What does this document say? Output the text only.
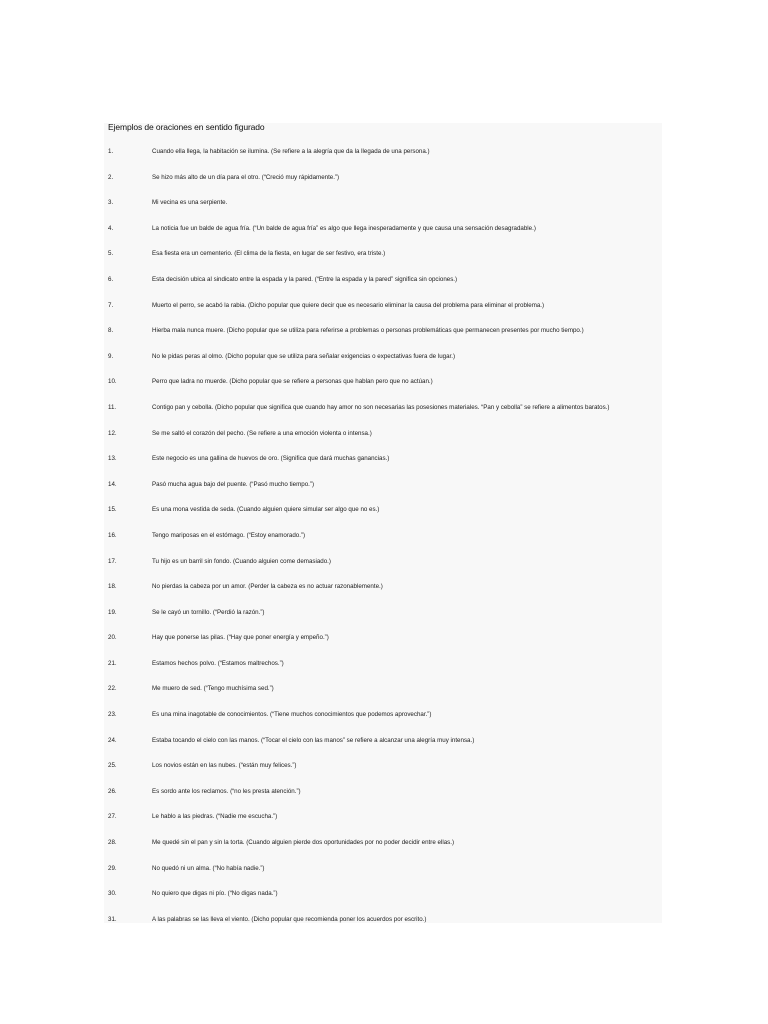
Ejemplos de oraciones en sentido figurado
1.	Cuando ella llega, la habitación se ilumina. (Se refiere a la alegría que da la llegada de una persona.)
2.	Se hizo más alto de un día para el otro. (“Creció muy rápidamente.”)
3.	Mi vecina es una serpiente.
4.	La noticia fue un balde de agua fría. (“Un balde de agua fría” es algo que llega inesperadamente y que causa una sensación desagradable.)
5.	Esa fiesta era un cementerio. (El clima de la fiesta, en lugar de ser festivo, era triste.)
6.	Esta decisión ubica al sindicato entre la espada y la pared. (“Entre la espada y la pared” significa sin opciones.)
7.	Muerto el perro, se acabó la rabia. (Dicho popular que quiere decir que es necesario eliminar la causa del problema para eliminar el problema.)
8.	Hierba mala nunca muere. (Dicho popular que se utiliza para referirse a problemas o personas problemáticas que permanecen presentes por mucho tiempo.)
9.	No le pidas peras al olmo. (Dicho popular que se utiliza para señalar exigencias o expectativas fuera de lugar.)
10.	Perro que ladra no muerde. (Dicho popular que se refiere a personas que hablan pero que no actúan.)
11.	Contigo pan y cebolla. (Dicho popular que significa que cuando hay amor no son necesarias las posesiones materiales. “Pan y cebolla” se refiere a alimentos baratos.)
12.	Se me saltó el corazón del pecho. (Se refiere a una emoción violenta o intensa.)
13.	Este negocio es una gallina de huevos de oro. (Significa que dará muchas ganancias.)
14.	Pasó mucha agua bajo del puente. (“Pasó mucho tiempo.”)
15.	Es una mona vestida de seda. (Cuando alguien quiere simular ser algo que no es.)
16.	Tengo mariposas en el estómago. (“Estoy enamorado.”)
17.	Tu hijo es un barril sin fondo. (Cuando alguien come demasiado.)
18.	No pierdas la cabeza por un amor. (Perder la cabeza es no actuar razonablemente.)
19.	Se le cayó un tornillo. (“Perdió la razón.”)
20.	Hay que ponerse las pilas. (“Hay que poner energía y empeño.”)
21.	Estamos hechos polvo. (“Estamos maltrechos.”)
22.	Me muero de sed. (“Tengo muchísima sed.”)
23.	Es una mina inagotable de conocimientos. (“Tiene muchos conocimientos que podemos aprovechar.”)
24.	Estaba tocando el cielo con las manos. (“Tocar el cielo con las manos” se refiere a alcanzar una alegría muy intensa.)
25.	Los novios están en las nubes. (“están muy felices.”)
26.	Es sordo ante los reclamos. (“no les presta atención.”)
27.	Le hablo a las piedras. (“Nadie me escucha.”)
28.	Me quedé sin el pan y sin la torta. (Cuando alguien pierde dos oportunidades por no poder decidir entre ellas.)
29.	No quedó ni un alma. (“No había nadie.”)
30.	No quiero que digas ni pío. (“No digas nada.”)
31.	A las palabras se las lleva el viento. (Dicho popular que recomienda poner los acuerdos por escrito.)
